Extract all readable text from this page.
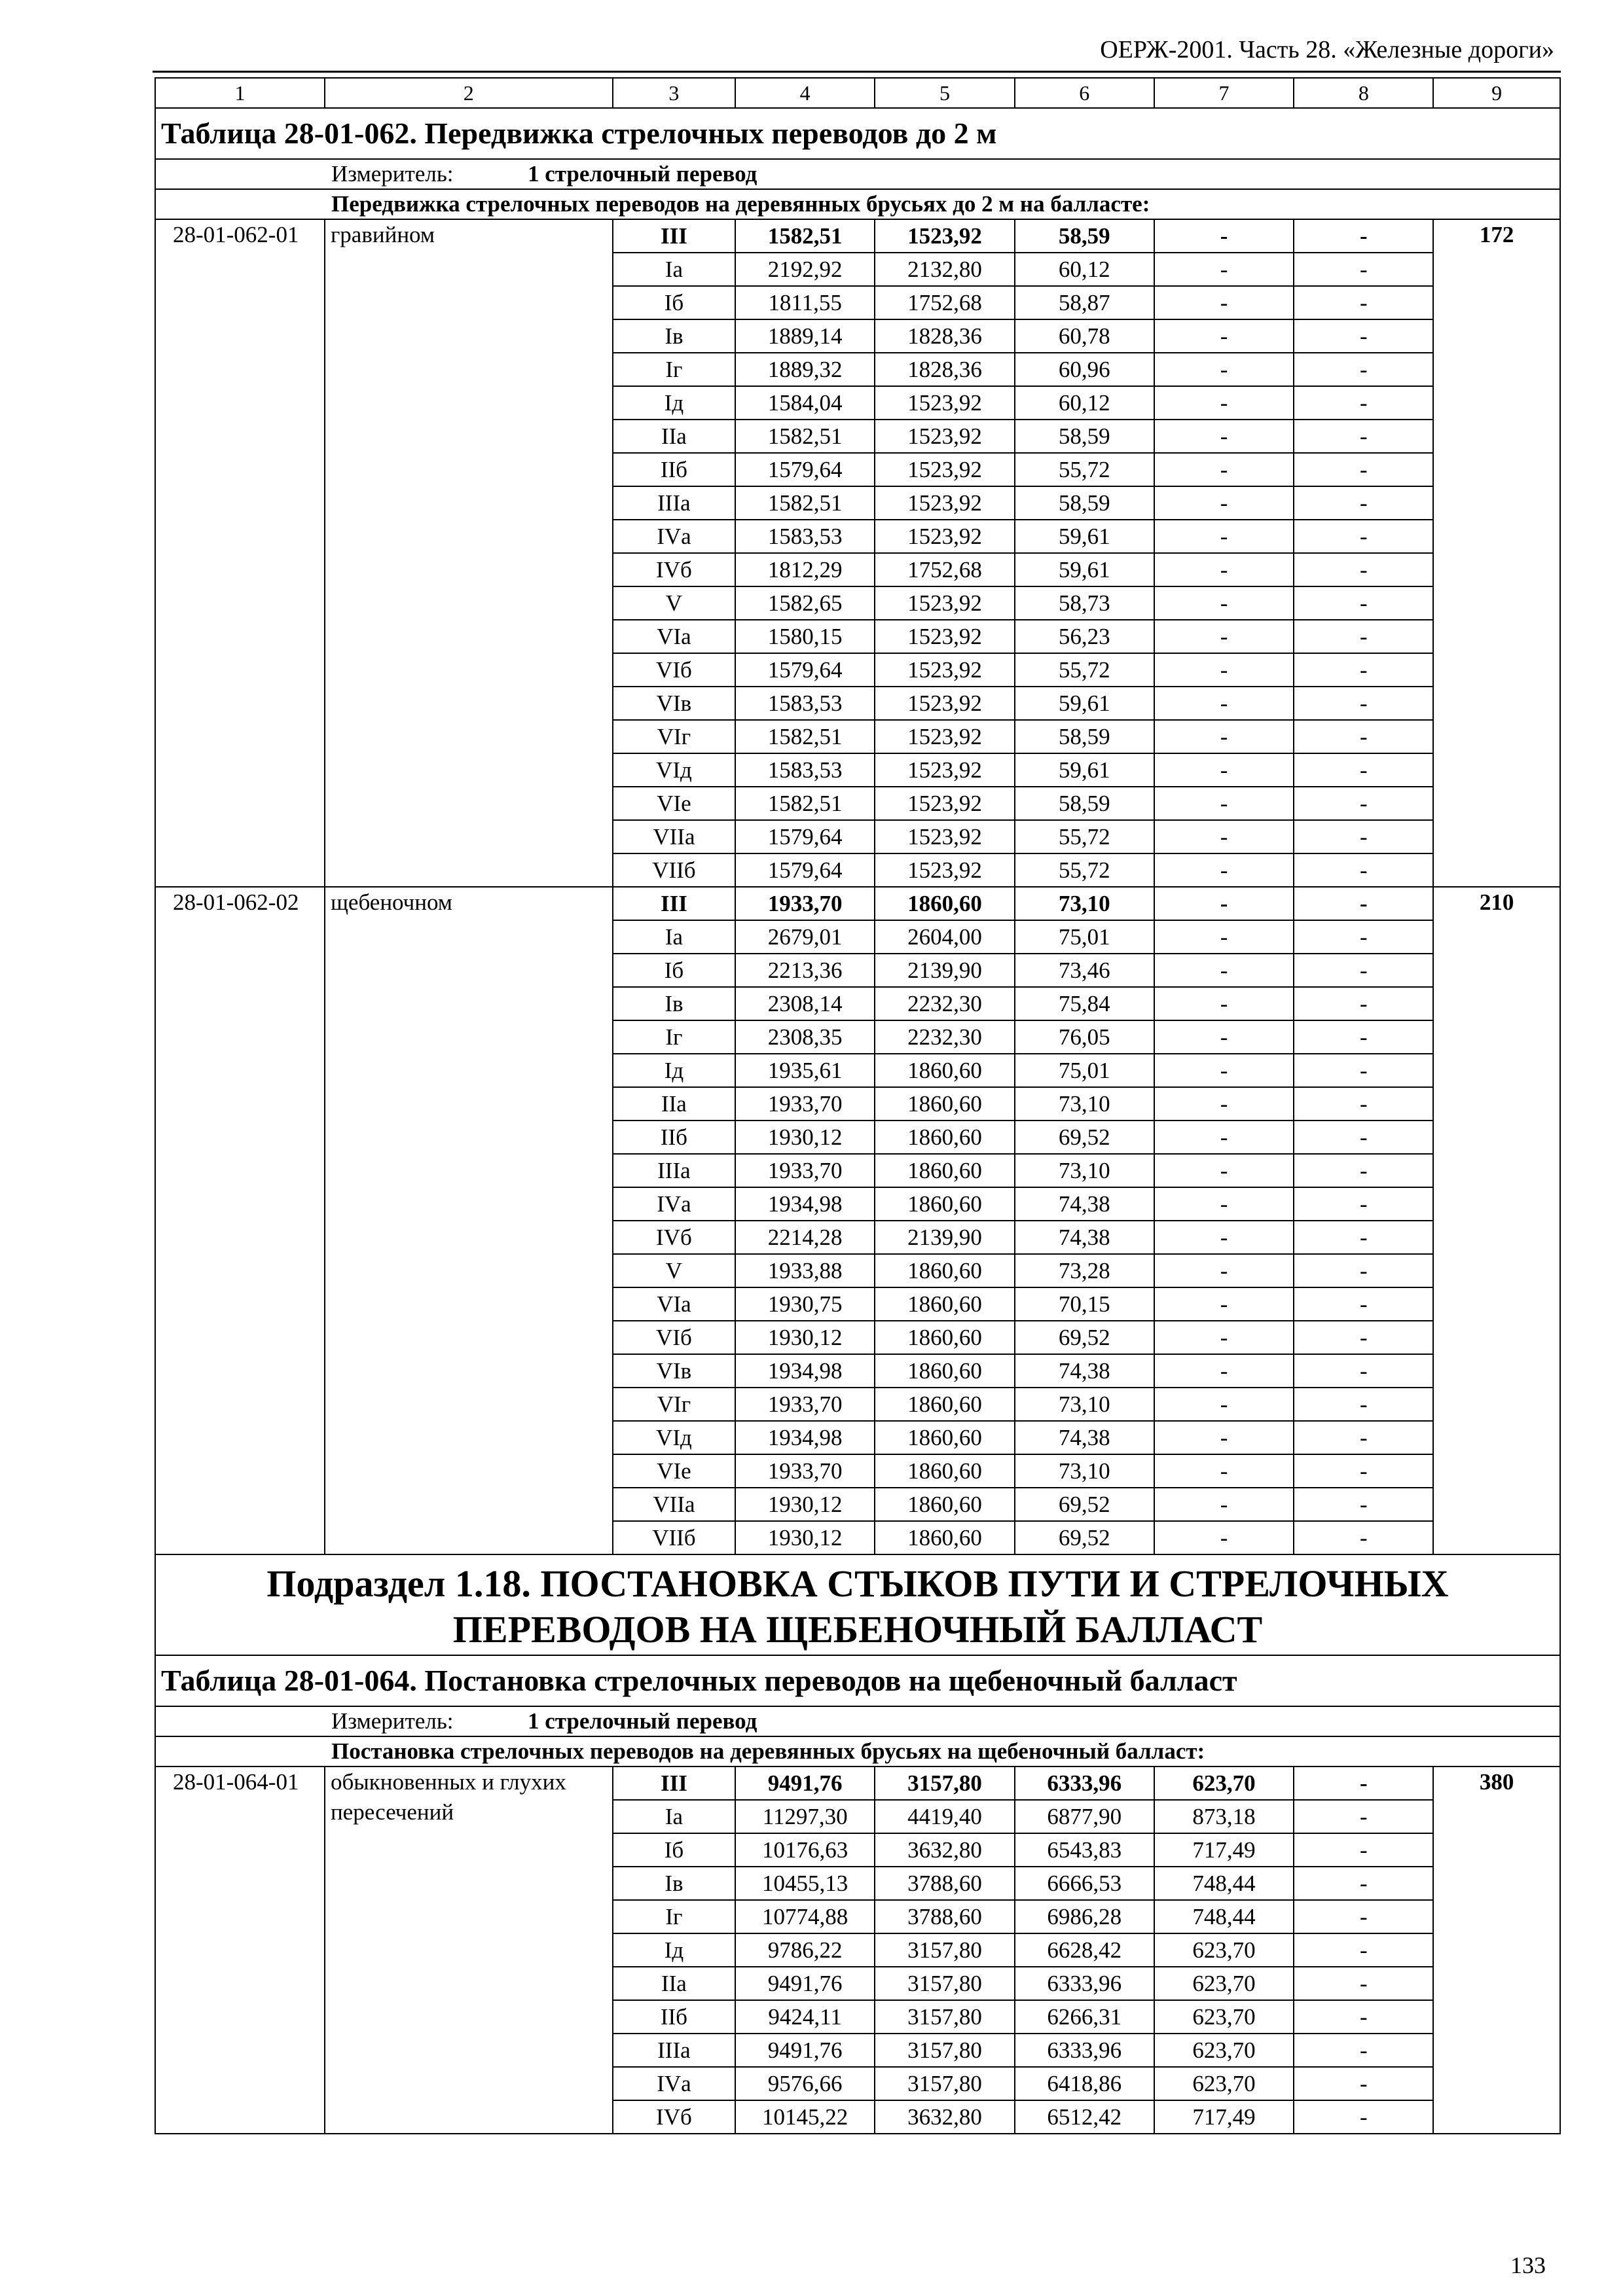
ОЕРЖ-2001. Часть 28. «Железные дороги»
1	2	3	4	5	6	7	8	9
Таблица 28-01-062. Передвижка стрелочных переводов до 2 м								
Измеритель: 1 стрелочный перевод								
Передвижка стрелочных переводов на деревянных брусьях до 2 м на балласте:								
28-01-062-01	гравийном	III	1582,51	1523,92	58,59	-	-	172
		Iа	2192,92	2132,80	60,12	-	-	
		Iб	1811,55	1752,68	58,87	-	-	
		Iв	1889,14	1828,36	60,78	-	-	
		Iг	1889,32	1828,36	60,96	-	-	
		Iд	1584,04	1523,92	60,12	-	-	
		IIа	1582,51	1523,92	58,59	-	-	
		IIб	1579,64	1523,92	55,72	-	-	
		IIIа	1582,51	1523,92	58,59	-	-	
		IVа	1583,53	1523,92	59,61	-	-	
		IVб	1812,29	1752,68	59,61	-	-	
		V	1582,65	1523,92	58,73	-	-	
		VIа	1580,15	1523,92	56,23	-	-	
		VIб	1579,64	1523,92	55,72	-	-	
		VIв	1583,53	1523,92	59,61	-	-	
		VIг	1582,51	1523,92	58,59	-	-	
		VIд	1583,53	1523,92	59,61	-	-	
		VIе	1582,51	1523,92	58,59	-	-	
		VIIа	1579,64	1523,92	55,72	-	-	
		VIIб	1579,64	1523,92	55,72	-	-	
28-01-062-02	щебеночном	III	1933,70	1860,60	73,10	-	-	210
		Iа	2679,01	2604,00	75,01	-	-	
		Iб	2213,36	2139,90	73,46	-	-	
		Iв	2308,14	2232,30	75,84	-	-	
		Iг	2308,35	2232,30	76,05	-	-	
		Iд	1935,61	1860,60	75,01	-	-	
		IIа	1933,70	1860,60	73,10	-	-	
		IIб	1930,12	1860,60	69,52	-	-	
		IIIа	1933,70	1860,60	73,10	-	-	
		IVа	1934,98	1860,60	74,38	-	-	
		IVб	2214,28	2139,90	74,38	-	-	
		V	1933,88	1860,60	73,28	-	-	
		VIа	1930,75	1860,60	70,15	-	-	
		VIб	1930,12	1860,60	69,52	-	-	
		VIв	1934,98	1860,60	74,38	-	-	
		VIг	1933,70	1860,60	73,10	-	-	
		VIд	1934,98	1860,60	74,38	-	-	
		VIе	1933,70	1860,60	73,10	-	-	
		VIIа	1930,12	1860,60	69,52	-	-	
		VIIб	1930,12	1860,60	69,52	-	-	
Подраздел 1.18. ПОСТАНОВКА СТЫКОВ ПУТИ И СТРЕЛОЧНЫХ ПЕРЕВОДОВ НА ЩЕБЕНОЧНЫЙ БАЛЛАСТ								
Таблица 28-01-064. Постановка стрелочных переводов на щебеночный балласт								
Измеритель: 1 стрелочный перевод								
Постановка стрелочных переводов на деревянных брусьях на щебеночный балласт:								
28-01-064-01	обыкновенных и глухих пересечений	III	9491,76	3157,80	6333,96	623,70	-	380
		Iа	11297,30	4419,40	6877,90	873,18	-	
		Iб	10176,63	3632,80	6543,83	717,49	-	
		Iв	10455,13	3788,60	6666,53	748,44	-	
		Iг	10774,88	3788,60	6986,28	748,44	-	
		Iд	9786,22	3157,80	6628,42	623,70	-	
		IIа	9491,76	3157,80	6333,96	623,70	-	
		IIб	9424,11	3157,80	6266,31	623,70	-	
		IIIа	9491,76	3157,80	6333,96	623,70	-	
		IVа	9576,66	3157,80	6418,86	623,70	-	
		IVб	10145,22	3632,80	6512,42	717,49	-	
133
